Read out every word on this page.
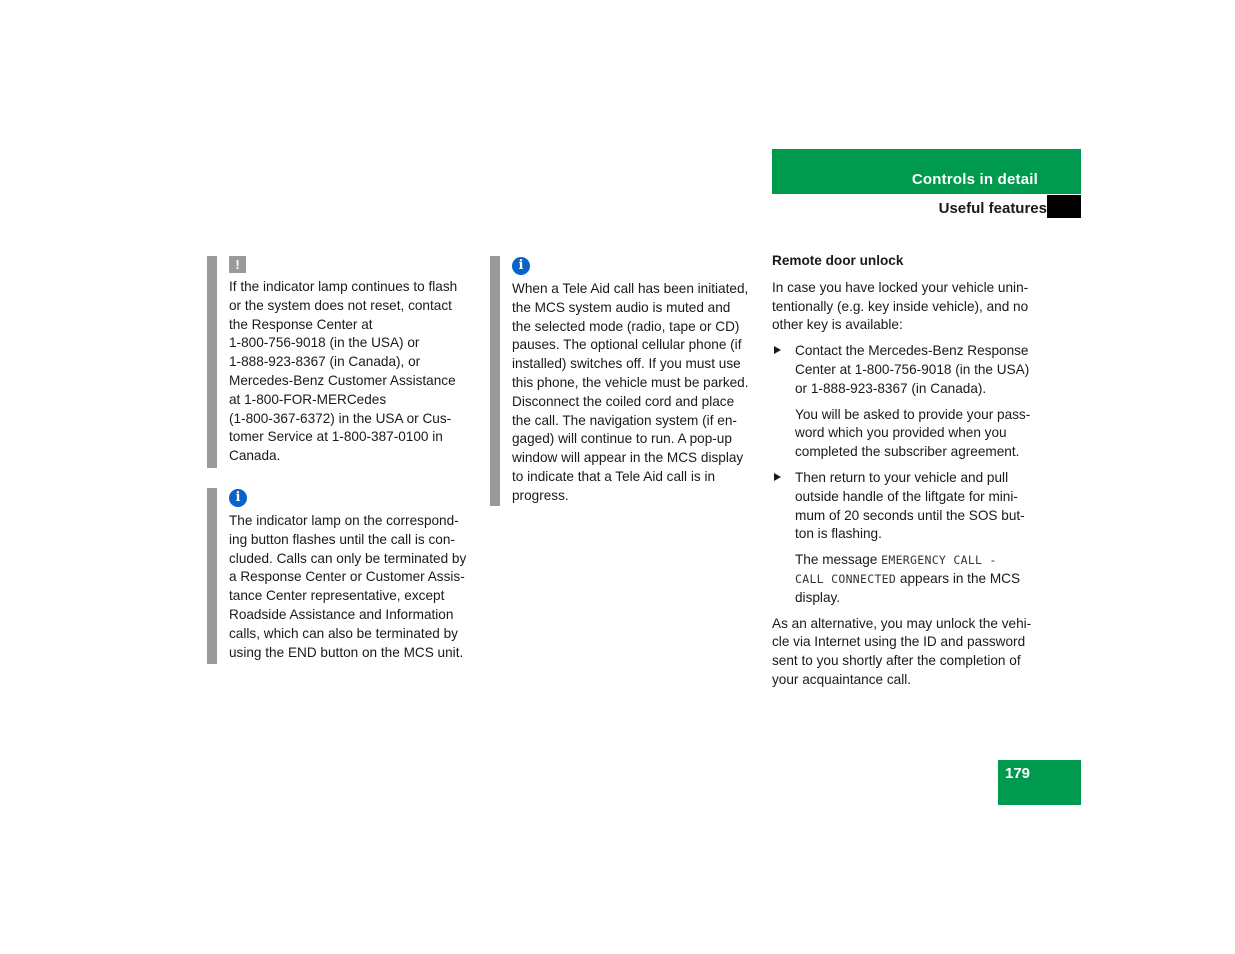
Controls in detail
Useful features
!

If the indicator lamp continues to flash
or the system does not reset, contact
the Response Center at
1-800-756-9018 (in the USA) or
1-888-923-8367 (in Canada), or
Mercedes-Benz Customer Assistance
at 1-800-FOR-MERCedes
(1-800-367-6372) in the USA or Cus-
tomer Service at 1-800-387-0100 in
Canada.

i

The indicator lamp on the correspond-
ing button flashes until the call is con-
cluded. Calls can only be terminated by
a Response Center or Customer Assis-
tance Center representative, except
Roadside Assistance and Information
calls, which can also be terminated by
using the END button on the MCS unit.

i

When a Tele Aid call has been initiated,
the MCS system audio is muted and
the selected mode (radio, tape or CD)
pauses. The optional cellular phone (if
installed) switches off. If you must use
this phone, the vehicle must be parked.
Disconnect the coiled cord and place
the call. The navigation system (if en-
gaged) will continue to run. A pop-up
window will appear in the MCS display
to indicate that a Tele Aid call is in
progress.

Remote door unlock

In case you have locked your vehicle unin-
tentionally (e.g. key inside vehicle), and no
other key is available:

Contact the Mercedes-Benz Response
Center at 1-800-756-9018 (in the USA)
or 1-888-923-8367 (in Canada).

You will be asked to provide your pass-
word which you provided when you
completed the subscriber agreement.

Then return to your vehicle and pull
outside handle of the liftgate for mini-
mum of 20 seconds until the SOS but-
ton is flashing.

The message EMERGENCY CALL -
CALL CONNECTED appears in the MCS
display.

As an alternative, you may unlock the vehi-
cle via Internet using the ID and password
sent to you shortly after the completion of
your acquaintance call.

179
